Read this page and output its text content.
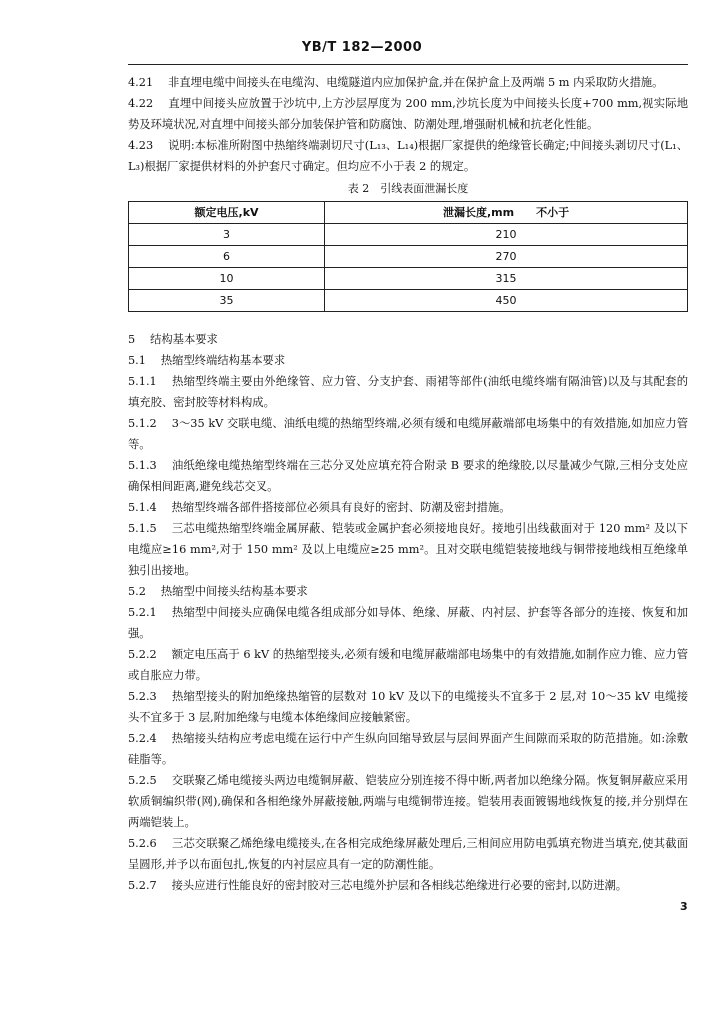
YB/T 182—2000

4.21 　非直埋电缆中间接头在电缆沟、电缆隧道内应加保护盒,并在保护盒上及两端 5 m 内采取防火措施。

4.22 　直埋中间接头应放置于沙坑中,上方沙层厚度为 200 mm,沙坑长度为中间接头长度+700 mm,视实际地势及环境状况,对直埋中间接头部分加装保护管和防腐蚀、防潮处理,增强耐机械和抗老化性能。

4.23 　说明:本标准所附图中热缩终端剥切尺寸(L₁₃、L₁₄)根据厂家提供的绝缘管长确定;中间接头剥切尺寸(L₁、L₃)根据厂家提供材料的外护套尺寸确定。但均应不小于表 2 的规定。

表 2　引线表面泄漏长度
额定电压,kV	泄漏长度,mm　　不小于
3	210
6	270
10	315
35	450

5 　结构基本要求

5.1 　热缩型终端结构基本要求

5.1.1 　热缩型终端主要由外绝缘管、应力管、分支护套、雨裙等部件(油纸电缆终端有隔油管)以及与其配套的填充胶、密封胶等材料构成。

5.1.2 　3～35 kV 交联电缆、油纸电缆的热缩型终端,必须有缓和电缆屏蔽端部电场集中的有效措施,如加应力管等。

5.1.3 　油纸绝缘电缆热缩型终端在三芯分叉处应填充符合附录 B 要求的绝缘胶,以尽量减少气隙,三相分支处应确保相间距离,避免线芯交叉。

5.1.4 　热缩型终端各部件搭接部位必须具有良好的密封、防潮及密封措施。

5.1.5 　三芯电缆热缩型终端金属屏蔽、铠装或金属护套必须接地良好。接地引出线截面对于 120 mm² 及以下电缆应≥16 mm²,对于 150 mm² 及以上电缆应≥25 mm²。且对交联电缆铠装接地线与铜带接地线相互绝缘单独引出接地。

5.2 　热缩型中间接头结构基本要求

5.2.1 　热缩型中间接头应确保电缆各组成部分如导体、绝缘、屏蔽、内衬层、护套等各部分的连接、恢复和加强。

5.2.2 　额定电压高于 6 kV 的热缩型接头,必须有缓和电缆屏蔽端部电场集中的有效措施,如制作应力锥、应力管或自胀应力带。

5.2.3 　热缩型接头的附加绝缘热缩管的层数对 10 kV 及以下的电缆接头不宜多于 2 层,对 10～35 kV 电缆接头不宜多于 3 层,附加绝缘与电缆本体绝缘间应接触紧密。

5.2.4 　热缩接头结构应考虑电缆在运行中产生纵向回缩导致层与层间界面产生间隙而采取的防范措施。如:涂敷硅脂等。

5.2.5 　交联聚乙烯电缆接头两边电缆铜屏蔽、铠装应分别连接不得中断,两者加以绝缘分隔。恢复铜屏蔽应采用软质铜编织带(网),确保和各相绝缘外屏蔽接触,两端与电缆铜带连接。铠装用表面镀锡地线恢复的接,并分别焊在两端铠装上。

5.2.6 　三芯交联聚乙烯绝缘电缆接头,在各相完成绝缘屏蔽处理后,三相间应用防电弧填充物进当填充,使其截面呈圆形,并予以布面包扎,恢复的内衬层应具有一定的防潮性能。

5.2.7 　接头应进行性能良好的密封胶对三芯电缆外护层和各相线芯绝缘进行必要的密封,以防进潮。

3
